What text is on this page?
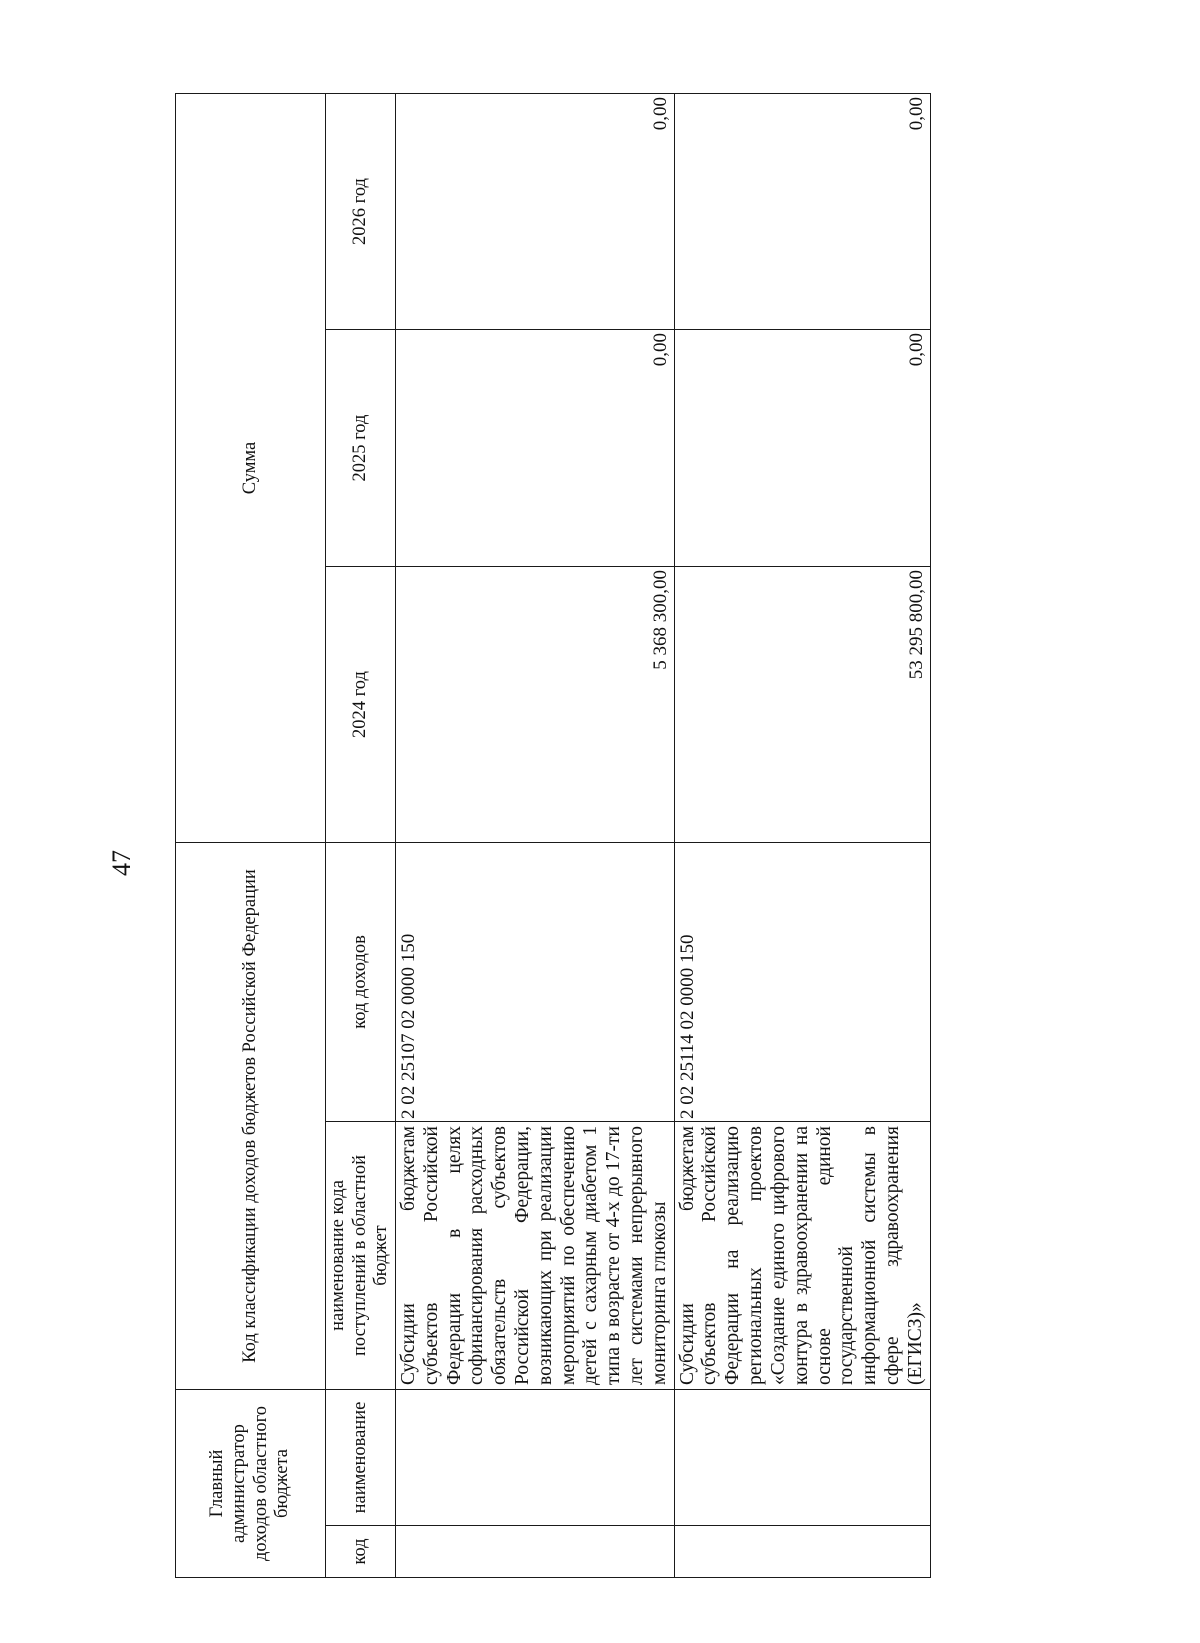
47
Главный администратор доходов областного бюджета		Код классификации доходов бюджетов Российской Федерации		Сумма		
код	наименование	наименование кода поступлений в областной бюджет	код доходов	2024 год	2025 год	2026 год
		Субсидии бюджетам субъектов Российской Федерации в целях софинансирования расходных обязательств субъектов Российской Федерации, возникающих при реализации мероприятий по обеспечению детей с сахарным диабетом 1 типа в возрасте от 4-х до 17-ти лет системами непрерывного мониторинга глюкозы	2 02 25107 02 0000 150	5 368 300,00	0,00	0,00
		Субсидии бюджетам субъектов Российской Федерации на реализацию региональных проектов «Создание единого цифрового контура в здравоохранении на основе единой государственной информационной системы в сфере здравоохранения (ЕГИСЗ)»	2 02 25114 02 0000 150	53 295 800,00	0,00	0,00
